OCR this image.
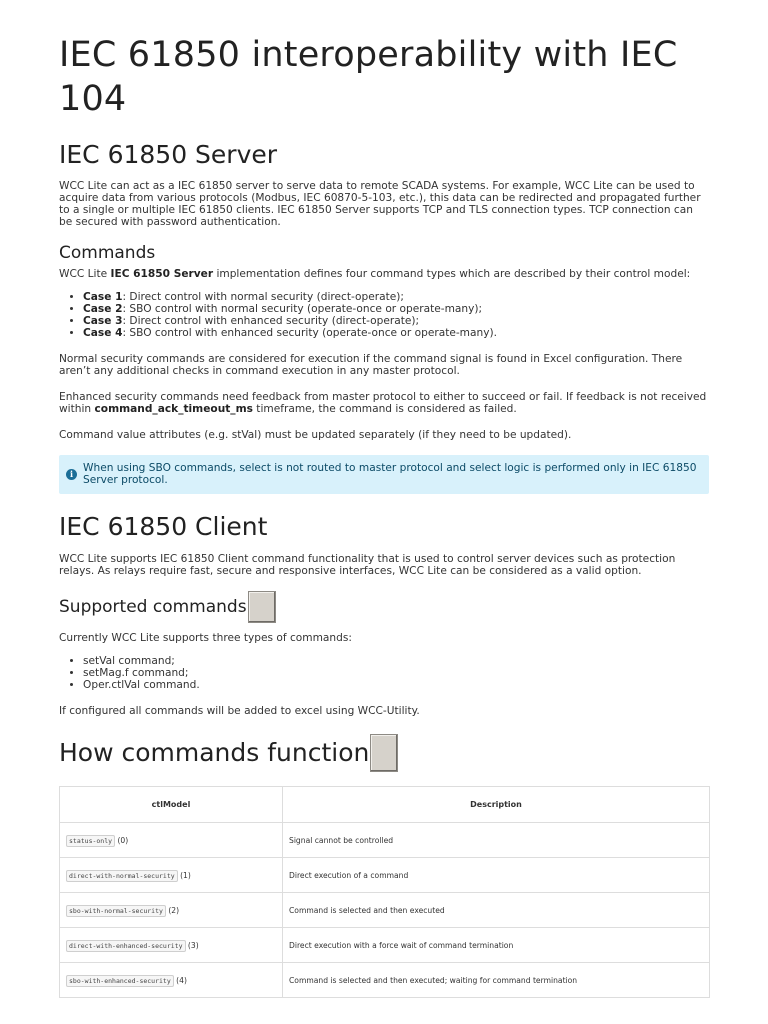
IEC 61850 interoperability with IEC 104
IEC 61850 Server

WCC Lite can act as a IEC 61850 server to serve data to remote SCADA systems. For example, WCC Lite can be used to acquire data from various protocols (Modbus, IEC 60870-5-103, etc.), this data can be redirected and propagated further to a single or multiple IEC 61850 clients. IEC 61850 Server supports TCP and TLS connection types. TCP connection can be secured with password authentication.

Commands

WCC Lite IEC 61850 Server implementation defines four command types which are described by their control model:

• Case 1: Direct control with normal security (direct-operate);
• Case 2: SBO control with normal security (operate-once or operate-many);
• Case 3: Direct control with enhanced security (direct-operate);
• Case 4: SBO control with enhanced security (operate-once or operate-many).

Normal security commands are considered for execution if the command signal is found in Excel configuration. There aren’t any additional checks in command execution in any master protocol.

Enhanced security commands need feedback from master protocol to either to succeed or fail. If feedback is not received within command_ack_timeout_ms timeframe, the command is considered as failed.

Command value attributes (e.g. stVal) must be updated separately (if they need to be updated).

i When using SBO commands, select is not routed to master protocol and select logic is performed only in IEC 61850 Server protocol.
IEC 61850 Client

WCC Lite supports IEC 61850 Client command functionality that is used to control server devices such as protection relays. As relays require fast, secure and responsive interfaces, WCC Lite can be considered as a valid option.

Supported commands

Currently WCC Lite supports three types of commands:

• setVal command;
• setMag.f command;
• Oper.ctlVal command.

If configured all commands will be added to excel using WCC-Utility.

How commands function
ctlModel	Description
status-only (0)	Signal cannot be controlled
direct-with-normal-security (1)	Direct execution of a command
sbo-with-normal-security (2)	Command is selected and then executed
direct-with-enhanced-security (3)	Direct execution with a force wait of command termination
sbo-with-enhanced-security (4)	Command is selected and then executed; waiting for command termination
